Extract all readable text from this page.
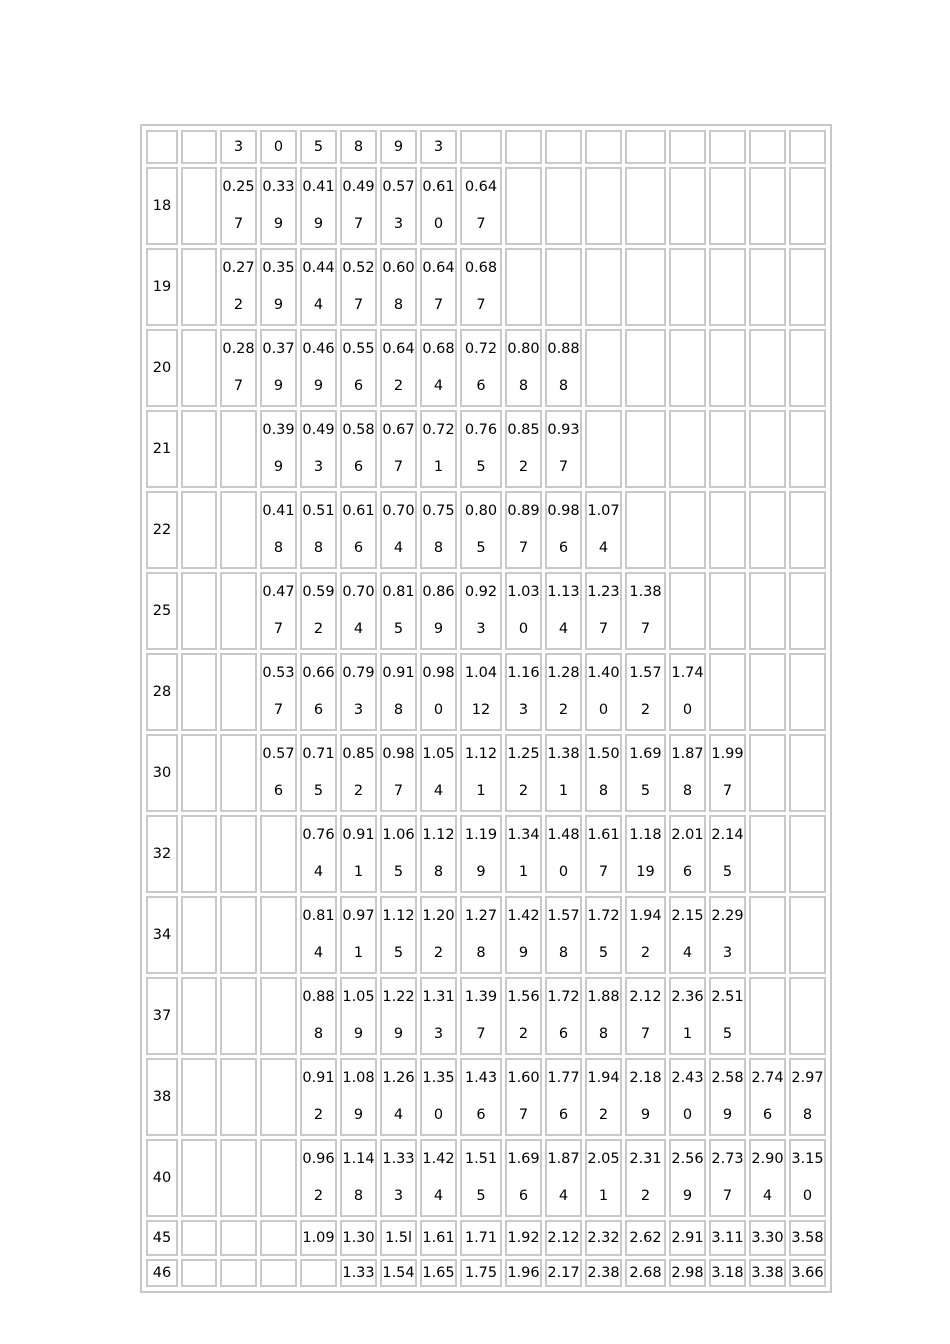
		3	0	5	8	9	3									
18		0.257	0.339	0.419	0.497	0.573	0.610	0.647								
19		0.272	0.359	0.444	0.527	0.608	0.647	0.687								
20		0.287	0.379	0.469	0.556	0.642	0.684	0.726	0.808	0.888						
21			0.399	0.493	0.586	0.677	0.721	0.765	0.852	0.937						
22			0.418	0.518	0.616	0.704	0.758	0.805	0.897	0.986	1.074					
25			0.477	0.592	0.704	0.815	0.869	0.923	1.030	1.134	1.237	1.387				
28			0.537	0.666	0.793	0.918	0.980	1.0412	1.163	1.282	1.400	1.572	1.740			
30			0.576	0.715	0.852	0.987	1.054	1.121	1.252	1.381	1.508	1.695	1.878	1.997		
32				0.764	0.911	1.065	1.128	1.199	1.341	1.480	1.617	1.1819	2.016	2.145		
34				0.814	0.971	1.125	1.202	1.278	1.429	1.578	1.725	1.942	2.154	2.293		
37				0.888	1.059	1.229	1.313	1.397	1.562	1.726	1.888	2.127	2.361	2.515		
38				0.912	1.089	1.264	1.350	1.436	1.607	1.776	1.942	2.189	2.430	2.589	2.746	2.978
40				0.962	1.148	1.333	1.424	1.515	1.696	1.874	2.051	2.312	2.569	2.737	2.904	3.150
45				1.09	1.30	1.5l	1.61	1.71	1.92	2.12	2.32	2.62	2.91	3.11	3.30	3.58
46					1.33	1.54	1.65	1.75	1.96	2.17	2.38	2.68	2.98	3.18	3.38	3.66
